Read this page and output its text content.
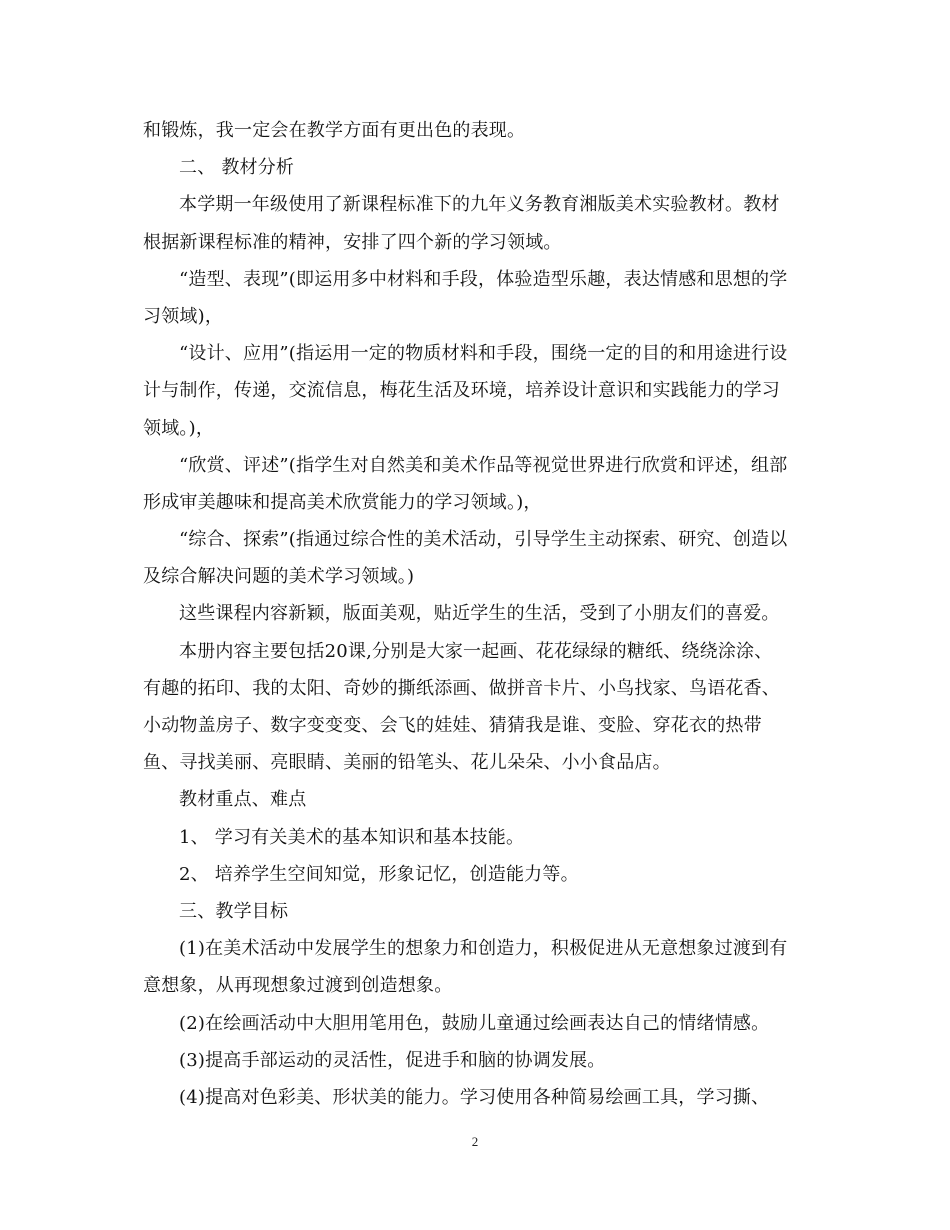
和锻炼，我一定会在教学方面有更出色的表现。
二、 教材分析
本学期一年级使用了新课程标准下的九年义务教育湘版美术实验教材。教材
根据新课程标准的精神，安排了四个新的学习领域。
“造型、表现”(即运用多中材料和手段，体验造型乐趣，表达情感和思想的学
习领域)，
“设计、应用”(指运用一定的物质材料和手段，围绕一定的目的和用途进行设
计与制作，传递，交流信息，梅花生活及环境，培养设计意识和实践能力的学习
领域。)，
“欣赏、评述”(指学生对自然美和美术作品等视觉世界进行欣赏和评述，组部
形成审美趣味和提高美术欣赏能力的学习领域。)，
“综合、探索”(指通过综合性的美术活动，引导学生主动探索、研究、创造以
及综合解决问题的美术学习领域。)
这些课程内容新颖，版面美观，贴近学生的生活，受到了小朋友们的喜爱。
本册内容主要包括20课,分别是大家一起画、花花绿绿的糖纸、绕绕涂涂、
有趣的拓印、我的太阳、奇妙的撕纸添画、做拼音卡片、小鸟找家、鸟语花香、
小动物盖房子、数字变变变、会飞的娃娃、猜猜我是谁、变脸、穿花衣的热带
鱼、寻找美丽、亮眼睛、美丽的铅笔头、花儿朵朵、小小食品店。
教材重点、难点
1、 学习有关美术的基本知识和基本技能。
2、 培养学生空间知觉，形象记忆，创造能力等。
三、教学目标
(1)在美术活动中发展学生的想象力和创造力，积极促进从无意想象过渡到有
意想象，从再现想象过渡到创造想象。
(2)在绘画活动中大胆用笔用色，鼓励儿童通过绘画表达自己的情绪情感。
(3)提高手部运动的灵活性，促进手和脑的协调发展。
(4)提高对色彩美、形状美的能力。学习使用各种简易绘画工具，学习撕、
2
